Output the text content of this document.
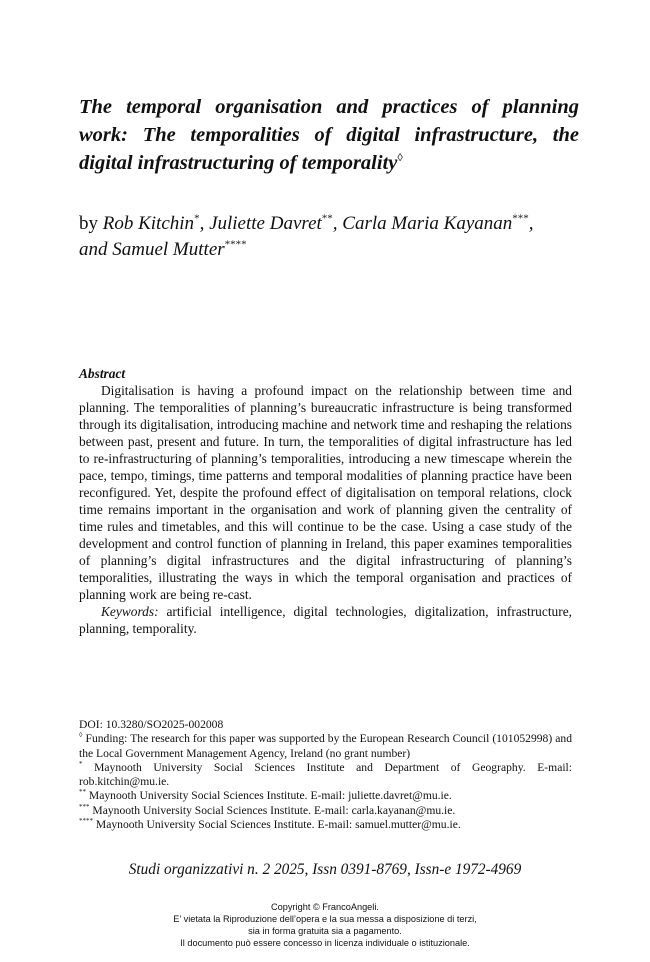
The temporal organisation and practices of planning work: The temporalities of digital infrastructure, the digital infrastructuring of temporality◊
by Rob Kitchin*, Juliette Davret**, Carla Maria Kayanan***,
and Samuel Mutter****
Abstract

Digitalisation is having a profound impact on the relationship between time and planning. The temporalities of planning’s bureaucratic infrastructure is being transformed through its digitalisation, introducing machine and network time and reshaping the relations between past, present and future. In turn, the temporalities of digital infrastructure has led to re-infrastructuring of planning’s temporalities, introducing a new timescape wherein the pace, tempo, timings, time patterns and temporal modalities of planning practice have been reconfigured. Yet, despite the profound effect of digitalisation on temporal relations, clock time remains important in the organisation and work of planning given the centrality of time rules and timetables, and this will continue to be the case. Using a case study of the development and control function of planning in Ireland, this paper examines temporalities of planning’s digital infrastructures and the digital infrastructuring of planning’s temporalities, illustrating the ways in which the temporal organisation and practices of planning work are being re-cast.

Keywords: artificial intelligence, digital technologies, digitalization, infrastructure, planning, temporality.

DOI: 10.3280/SO2025-002008
◊ Funding: The research for this paper was supported by the European Research Council (101052998) and the Local Government Management Agency, Ireland (no grant number)
* Maynooth University Social Sciences Institute and Department of Geography. E-mail: rob.kitchin@mu.ie.
** Maynooth University Social Sciences Institute. E-mail: juliette.davret@mu.ie.
*** Maynooth University Social Sciences Institute. E-mail: carla.kayanan@mu.ie.
**** Maynooth University Social Sciences Institute. E-mail: samuel.mutter@mu.ie.
Studi organizzativi n. 2 2025, Issn 0391-8769, Issn-e 1972-4969
Copyright © FrancoAngeli.
E’ vietata la Riproduzione dell’opera e la sua messa a disposizione di terzi,
sia in forma gratuita sia a pagamento.
Il documento può essere concesso in licenza individuale o istituzionale.
